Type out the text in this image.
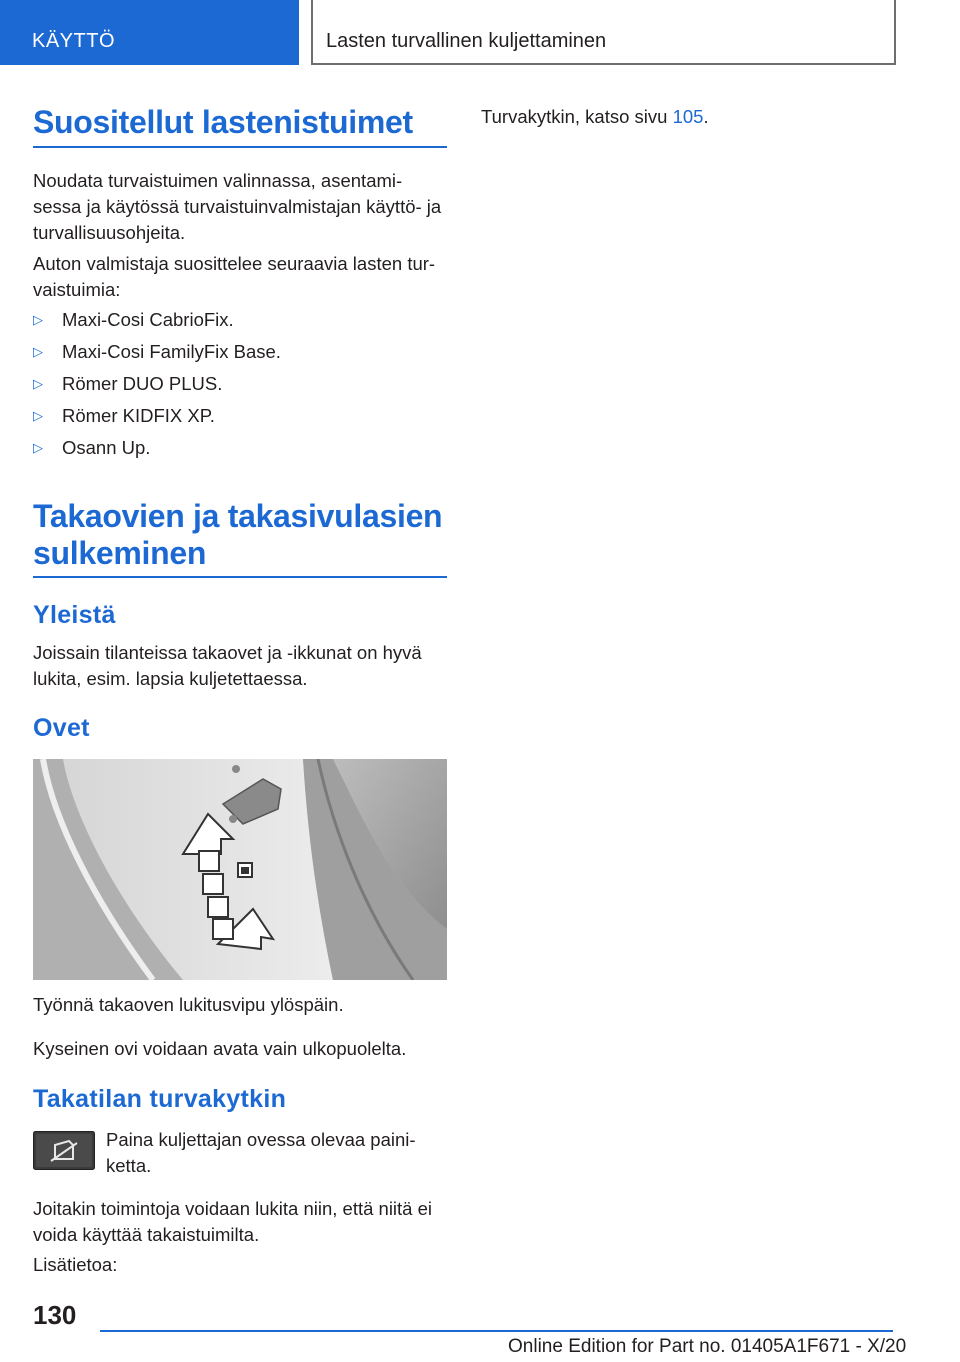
KÄYTTÖ	Lasten turvallinen kuljettaminen
Suositellut lastenistuimet
Noudata turvaistuimen valinnassa, asentami-
sessa ja käytössä turvaistuinvalmistajan käyttö- ja
turvallisuusohjeita.
Auton valmistaja suosittelee seuraavia lasten tur-
vaistuimia:
▷ Maxi-Cosi CabrioFix.
▷ Maxi-Cosi FamilyFix Base.
▷ Römer DUO PLUS.
▷ Römer KIDFIX XP.
▷ Osann Up.
Takaovien ja takasivulasien
sulkeminen
Yleistä
Joissain tilanteissa takaovet ja -ikkunat on hyvä
lukita, esim. lapsia kuljetettaessa.
Ovet
Työnnä takaoven lukitusvipu ylöspäin.
Kyseinen ovi voidaan avata vain ulkopuolelta.
Takatilan turvakytkin
Paina kuljettajan ovessa olevaa paini-
ketta.
Joitakin toimintoja voidaan lukita niin, että niitä ei
voida käyttää takaistuimilta.
Lisätietoa:
Turvakytkin, katso sivu 105.
130
Online Edition for Part no. 01405A1F671 - X/20
